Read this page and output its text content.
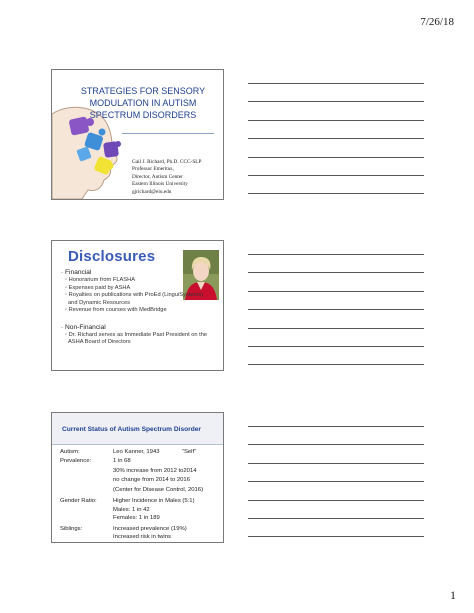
7/26/18
STRATEGIES FOR SENSORY
MODULATION IN AUTISM
SPECTRUM DISORDERS
Gail J. Richard, Ph.D. CCC-SLP
Professor Emeritus,
Director, Autism Center
Eastern Illinois University
gjrichard@eiu.edu
Disclosures
· Financial
◦ Honorarium from FLASHA
◦ Expenses paid by ASHA
◦ Royalties on publications with ProEd (LinguiSystems) and Dynamic Resources
◦ Revenue from courses with MedBridge
· Non-Financial
◦ Dr. Richard serves as Immediate Past President on the ASHA Board of Directors
Current Status of Autism Spectrum Disorder
Autism:	Leo Kanner, 1943	“Self”
Prevalence:	1 in 68
30% increase from 2012 to2014
no change from 2014 to 2016
(Center for Disease Control, 2016)
Gender Ratio:	Higher Incidence in Males (5:1)
Males: 1 in 42
Females: 1 in 189
Siblings:	Increased prevalence (19%)
Increased risk in twins
1
